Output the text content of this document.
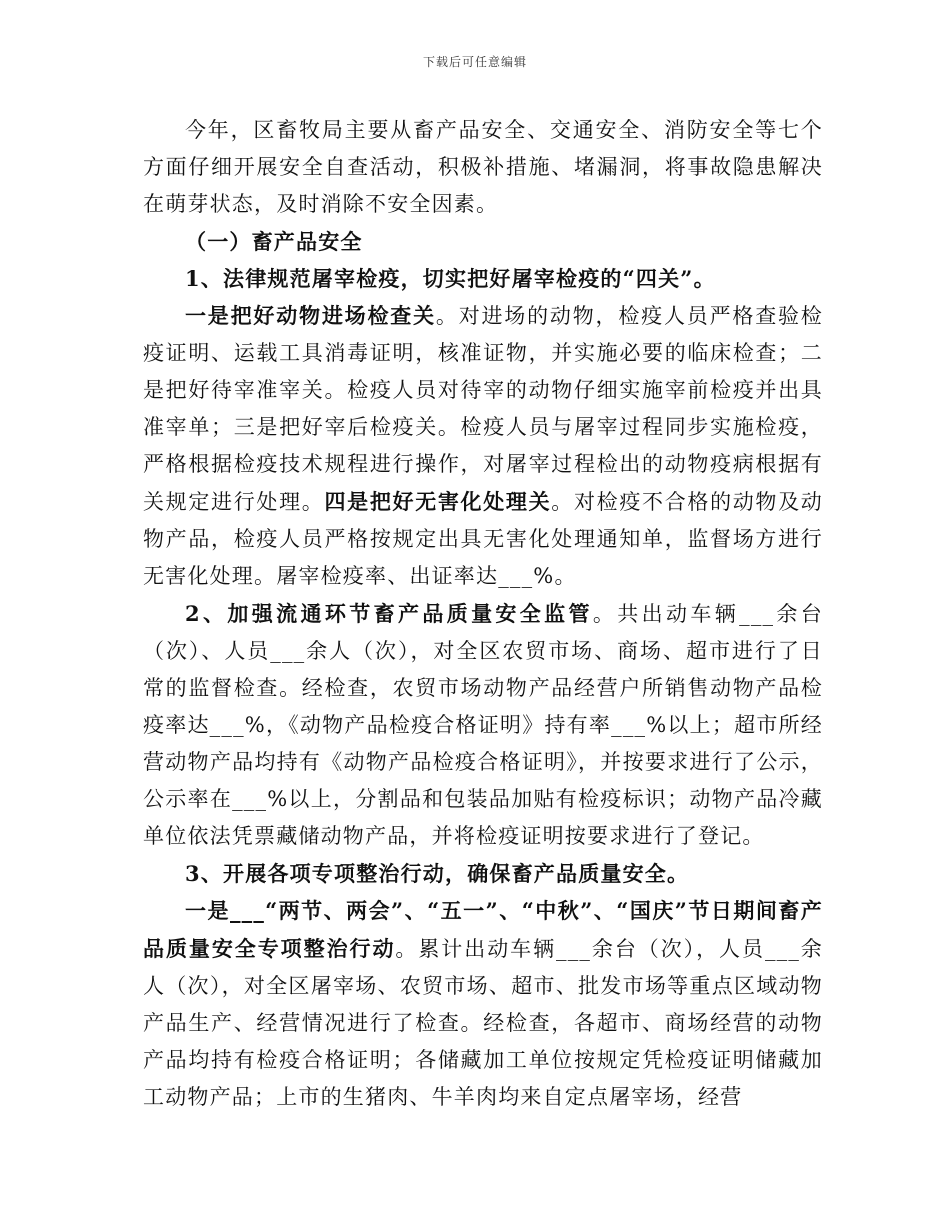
下载后可任意编辑

今年，区畜牧局主要从畜产品安全、交通安全、消防安全等七个方面仔细开展安全自查活动，积极补措施、堵漏洞，将事故隐患解决在萌芽状态，及时消除不安全因素。

（一）畜产品安全

1、法律规范屠宰检疫，切实把好屠宰检疫的“四关”。

一是把好动物进场检查关。对进场的动物，检疫人员严格查验检疫证明、运载工具消毒证明，核准证物，并实施必要的临床检查；二是把好待宰准宰关。检疫人员对待宰的动物仔细实施宰前检疫并出具准宰单；三是把好宰后检疫关。检疫人员与屠宰过程同步实施检疫，严格根据检疫技术规程进行操作，对屠宰过程检出的动物疫病根据有关规定进行处理。四是把好无害化处理关。对检疫不合格的动物及动物产品，检疫人员严格按规定出具无害化处理通知单，监督场方进行无害化处理。屠宰检疫率、出证率达___%。

2、加强流通环节畜产品质量安全监管。共出动车辆___余台（次）、人员___余人（次），对全区农贸市场、商场、超市进行了日常的监督检查。经检查，农贸市场动物产品经营户所销售动物产品检疫率达___%，《动物产品检疫合格证明》持有率___%以上；超市所经营动物产品均持有《动物产品检疫合格证明》，并按要求进行了公示，公示率在___%以上，分割品和包装品加贴有检疫标识；动物产品冷藏单位依法凭票藏储动物产品，并将检疫证明按要求进行了登记。

3、开展各项专项整治行动，确保畜产品质量安全。

一是___“两节、两会”、“五一”、“中秋”、“国庆”节日期间畜产品质量安全专项整治行动。累计出动车辆___余台（次），人员___余人（次），对全区屠宰场、农贸市场、超市、批发市场等重点区域动物产品生产、经营情况进行了检查。经检查，各超市、商场经营的动物产品均持有检疫合格证明；各储藏加工单位按规定凭检疫证明储藏加工动物产品；上市的生猪肉、牛羊肉均来自定点屠宰场，经营
